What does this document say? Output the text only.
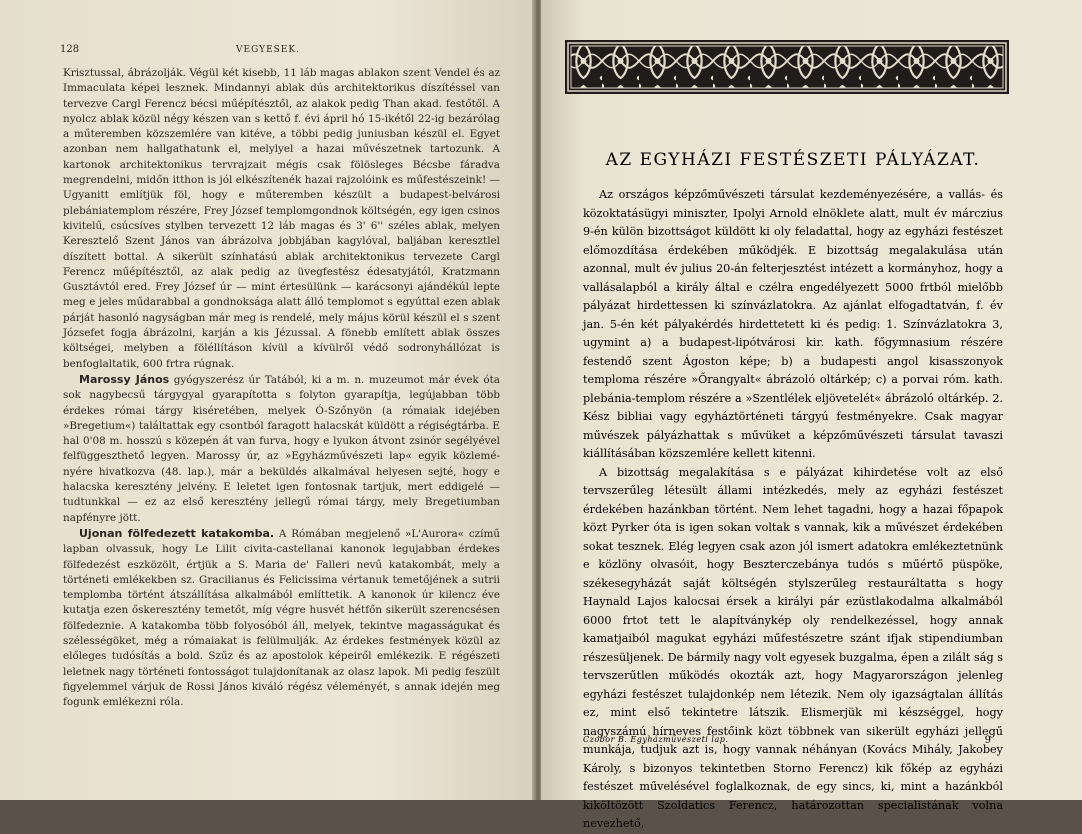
128	VEGYESEK.

Krisztussal, ábrázolják. Végül két kisebb, 11 láb magas ablakon szent Vendel és az Immaculata képei lesznek. Mindannyi ablak dús architektorikus díszítéssel van tervezve Cargl Ferencz bécsi műépítésztől, az alakok pedig Than akad. festőtől. A nyolcz ablak közül négy készen van s kettő f. évi ápril hó 15-ikétől 22-ig bezárólag a műteremben közszemlére van kitéve, a többi pedig juniusban készül el. Egyet azonban nem hallgathatunk el, melylyel a hazai művészetnek tartozunk. A kartonok architektonikus tervrajzait mégis csak fölösleges Bécsbe fáradva megrendelni, midőn itthon is jól elkészítenék hazai rajzolóink es műfestészeink! — Ugyanitt említjük föl, hogy e műteremben készült a budapest-belvárosi plebániatemplom részére, Frey József templomgondnok költségén, egy igen csinos kivitelű, csúcsíves stylben tervezett 12 láb magas és 3' 6'' széles ablak, melyen Keresztelő Szent János van ábrázolva jobbjában kagylóval, baljában keresztlel díszített bottal. A sikerült színhatású ablak architektonikus tervezete Cargl Ferencz műépítésztől, az alak pedig az üvegfestész édesatyjától, Kratzmann Gusztávtól ered. Frey József úr — mint értesülünk — karácsonyi ajándékúl lepte meg e jeles műdarabbal a gondnoksága alatt álló templomot s egyúttal ezen ablak párját hasonló nagyságban már meg is rendelé, mely május körül készül el s szent Józsefet fogja ábrázolni, karján a kis Jézussal. A fönebb említett ablak összes költségei, melyben a föléllításon kívül a kívülről védő sodronyhállózat is benfoglaltatik, 600 frtra rúgnak.

Marossy János gyógyszerész úr Tatából, ki a m. n. muzeumot már évek óta sok nagybecsű tárgygyal gyarapította s folyton gyarapítja, legújabban több érdekes római tárgy kiséretében, melyek Ó-Szőnyön (a rómaiak idejében »Bregetium«) találtattak egy csontból faragott halacskát küldött a régiségtárba. E hal 0'08 m. hosszú s közepén át van furva, hogy e lyukon átvont zsinór segélyével felfüggeszthető legyen. Marossy úr, az »Egyházművészeti lap« egyik közlemé-nyére hivatkozva (48. lap.), már a beküldés alkalmával helyesen sejté, hogy e halacska keresztény jelvény. E leletet igen fontosnak tartjuk, mert eddigelé — tudtunkkal — ez az első keresztény jellegű római tárgy, mely Bregetiumban napfényre jött.

Ujonan fölfedezett katakomba. A Rómában megjelenő »L'Aurora« czímű lapban olvassuk, hogy Le Lilit civita-castellanai kanonok legujabban érdekes fölfedezést eszközölt, értjük a S. Maria de' Falleri nevű katakombát, mely a történeti emlékekben sz. Gracilianus és Felicissima vértanuk temetőjének a sutrii templomba történt átszállítása alkalmából említtetik. A kanonok úr kilencz éve kutatja ezen őskeresztény temetőt, míg végre husvét hétfőn sikerült szerencsésen fölfedeznie. A katakomba több folyosóból áll, melyek, tekintve magasságukat és szélességöket, még a rómaiakat is felülmulják. Az érdekes festmények közül az előleges tudósítás a bold. Szűz és az apostolok képeiről emlékezik. E régészeti leletnek nagy történeti fontosságot tulajdonítanak az olasz lapok. Mi pedig feszült figyelemmel várjuk de Rossi János kiváló régész véleményét, s annak idején meg fogunk emlékezni róla.

AZ EGYHÁZI FESTÉSZETI PÁLYÁZAT.

Az országos képzőművészeti társulat kezdeményezésére, a vallás- és közoktatásügyi miniszter, Ipolyi Arnold elnöklete alatt, mult év márczius 9-én külön bizottságot küldött ki oly feladattal, hogy az egyházi festészet előmozdítása érdekében működjék. E bizottság megalakulása után azonnal, mult év julius 20-án felterjesztést intézett a kormányhoz, hogy a vallásalapból a király által e czélra engedélyezett 5000 frtból mielőbb pályázat hirdettessen ki színvázlatokra. Az ajánlat elfogadtatván, f. év jan. 5-én két pályakérdés hirdettetett ki és pedig: 1. Színvázlatokra 3, ugymint a) a budapest-lipótvárosi kir. kath. főgymnasium részére festendő szent Ágoston képe; b) a budapesti angol kisasszonyok temploma részére »Őrangyalt« ábrázoló oltárkép; c) a porvai róm. kath. plebánia-templom részére a »Szentlélek eljövetelét« ábrázoló oltárkép. 2. Kész bibliai vagy egyháztörténeti tárgyú festményekre. Csak magyar művészek pályázhattak s művüket a képzőművészeti társulat tavaszi kiállításában közszemlére kellett kitenni.

A bizottság megalakítása s e pályázat kihirdetése volt az első tervszerűleg létesült állami intézkedés, mely az egyházi festészet érdekében hazánkban történt. Nem lehet tagadni, hogy a hazai főpapok közt Pyrker óta is igen sokan voltak s vannak, kik a művészet érdekében sokat tesznek. Elég legyen csak azon jól ismert adatokra emlékeztetnünk e közlöny olvasóit, hogy Beszterczebánya tudós s műértő püspöke, székesegyházát saját költségén stylszerűleg restauráltatta s hogy Haynald Lajos kalocsai érsek a királyi pár ezüstlakodalma alkalmából 6000 frtot tett le alapítványkép oly rendelkezéssel, hogy annak kamatjaiból magukat egyházi műfestészetre szánt ifjak stipendiumban részesüljenek. De bármily nagy volt egyesek buzgalma, épen a zilált ság s tervszerűtlen működés okozták azt, hogy Magyarországon jelenleg egyházi festészet tulajdonkép nem létezik. Nem oly igazságtalan állítás ez, mint első tekintetre látszik. Elismerjük mi készséggel, hogy nagyszámú hírneves festőink közt többnek van sikerült egyházi jellegű munkája, tudjuk azt is, hogy vannak néhányan (Kovács Mihály, Jakobey Károly, s bizonyos tekintetben Storno Ferencz) kik főkép az egyházi festészet művelésével foglalkoznak, de egy sincs, ki, mint a hazánkból kiköltözött Szoldatics Ferencz, határozottan specialistának volna nevezhető,

Czobor B. Egyházművészeti lap.	9
